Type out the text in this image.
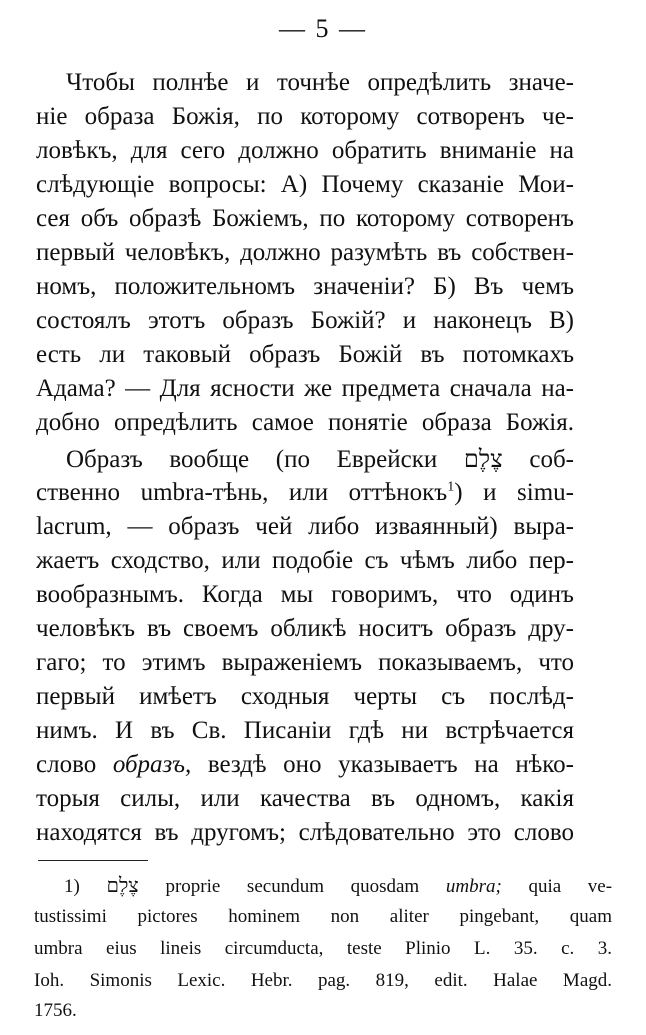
— 5 —
Чтобы полнѣе и точнѣе опредѣлить значе-
ніе образа Божія, по которому сотворенъ че-
ловѣкъ, для сего должно обратить вниманіе на
слѣдующіе вопросы: А) Почему сказаніе Мои-
сея объ образѣ Божіемъ, по которому сотворенъ
первый человѣкъ, должно разумѣть въ собствен-
номъ, положительномъ значеніи? Б) Въ чемъ
состоялъ этотъ образъ Божій? и наконецъ В)
есть ли таковый образъ Божій въ потомкахъ
Адама? — Для ясности же предмета сначала на-
добно опредѣлить самое понятіе образа Божія.
Образъ вообще (по Еврейски צֶלֶם соб-
ственно umbra-тѣнь, или оттѣнокъ$^1$) и simu-
lacrum, — образъ чей либо изваянный) выра-
жаетъ сходство, или подобіе съ чѣмъ либо пер-
вообразнымъ. Когда мы говоримъ, что одинъ
человѣкъ въ своемъ обликѣ носитъ образъ дру-
гаго; то этимъ выраженіемъ показываемъ, что
первый имѣетъ сходныя черты съ послѣд-
нимъ. И въ Св. Писаніи гдѣ ни встрѣчается
слово образъ, вездѣ оно указываетъ на нѣко-
торыя силы, или качества въ одномъ, какія
находятся въ другомъ; слѣдовательно это слово
1) צֶלֶם proprie secundum quosdam umbra; quia ve-
tustissimi pictores hominem non aliter pingebant, quam
umbra eius lineis circumducta, teste Plinio L. 35. c. 3.
Ioh. Simonis Lexic. Hebr. pag. 819, edit. Halae Magd.
1756.
